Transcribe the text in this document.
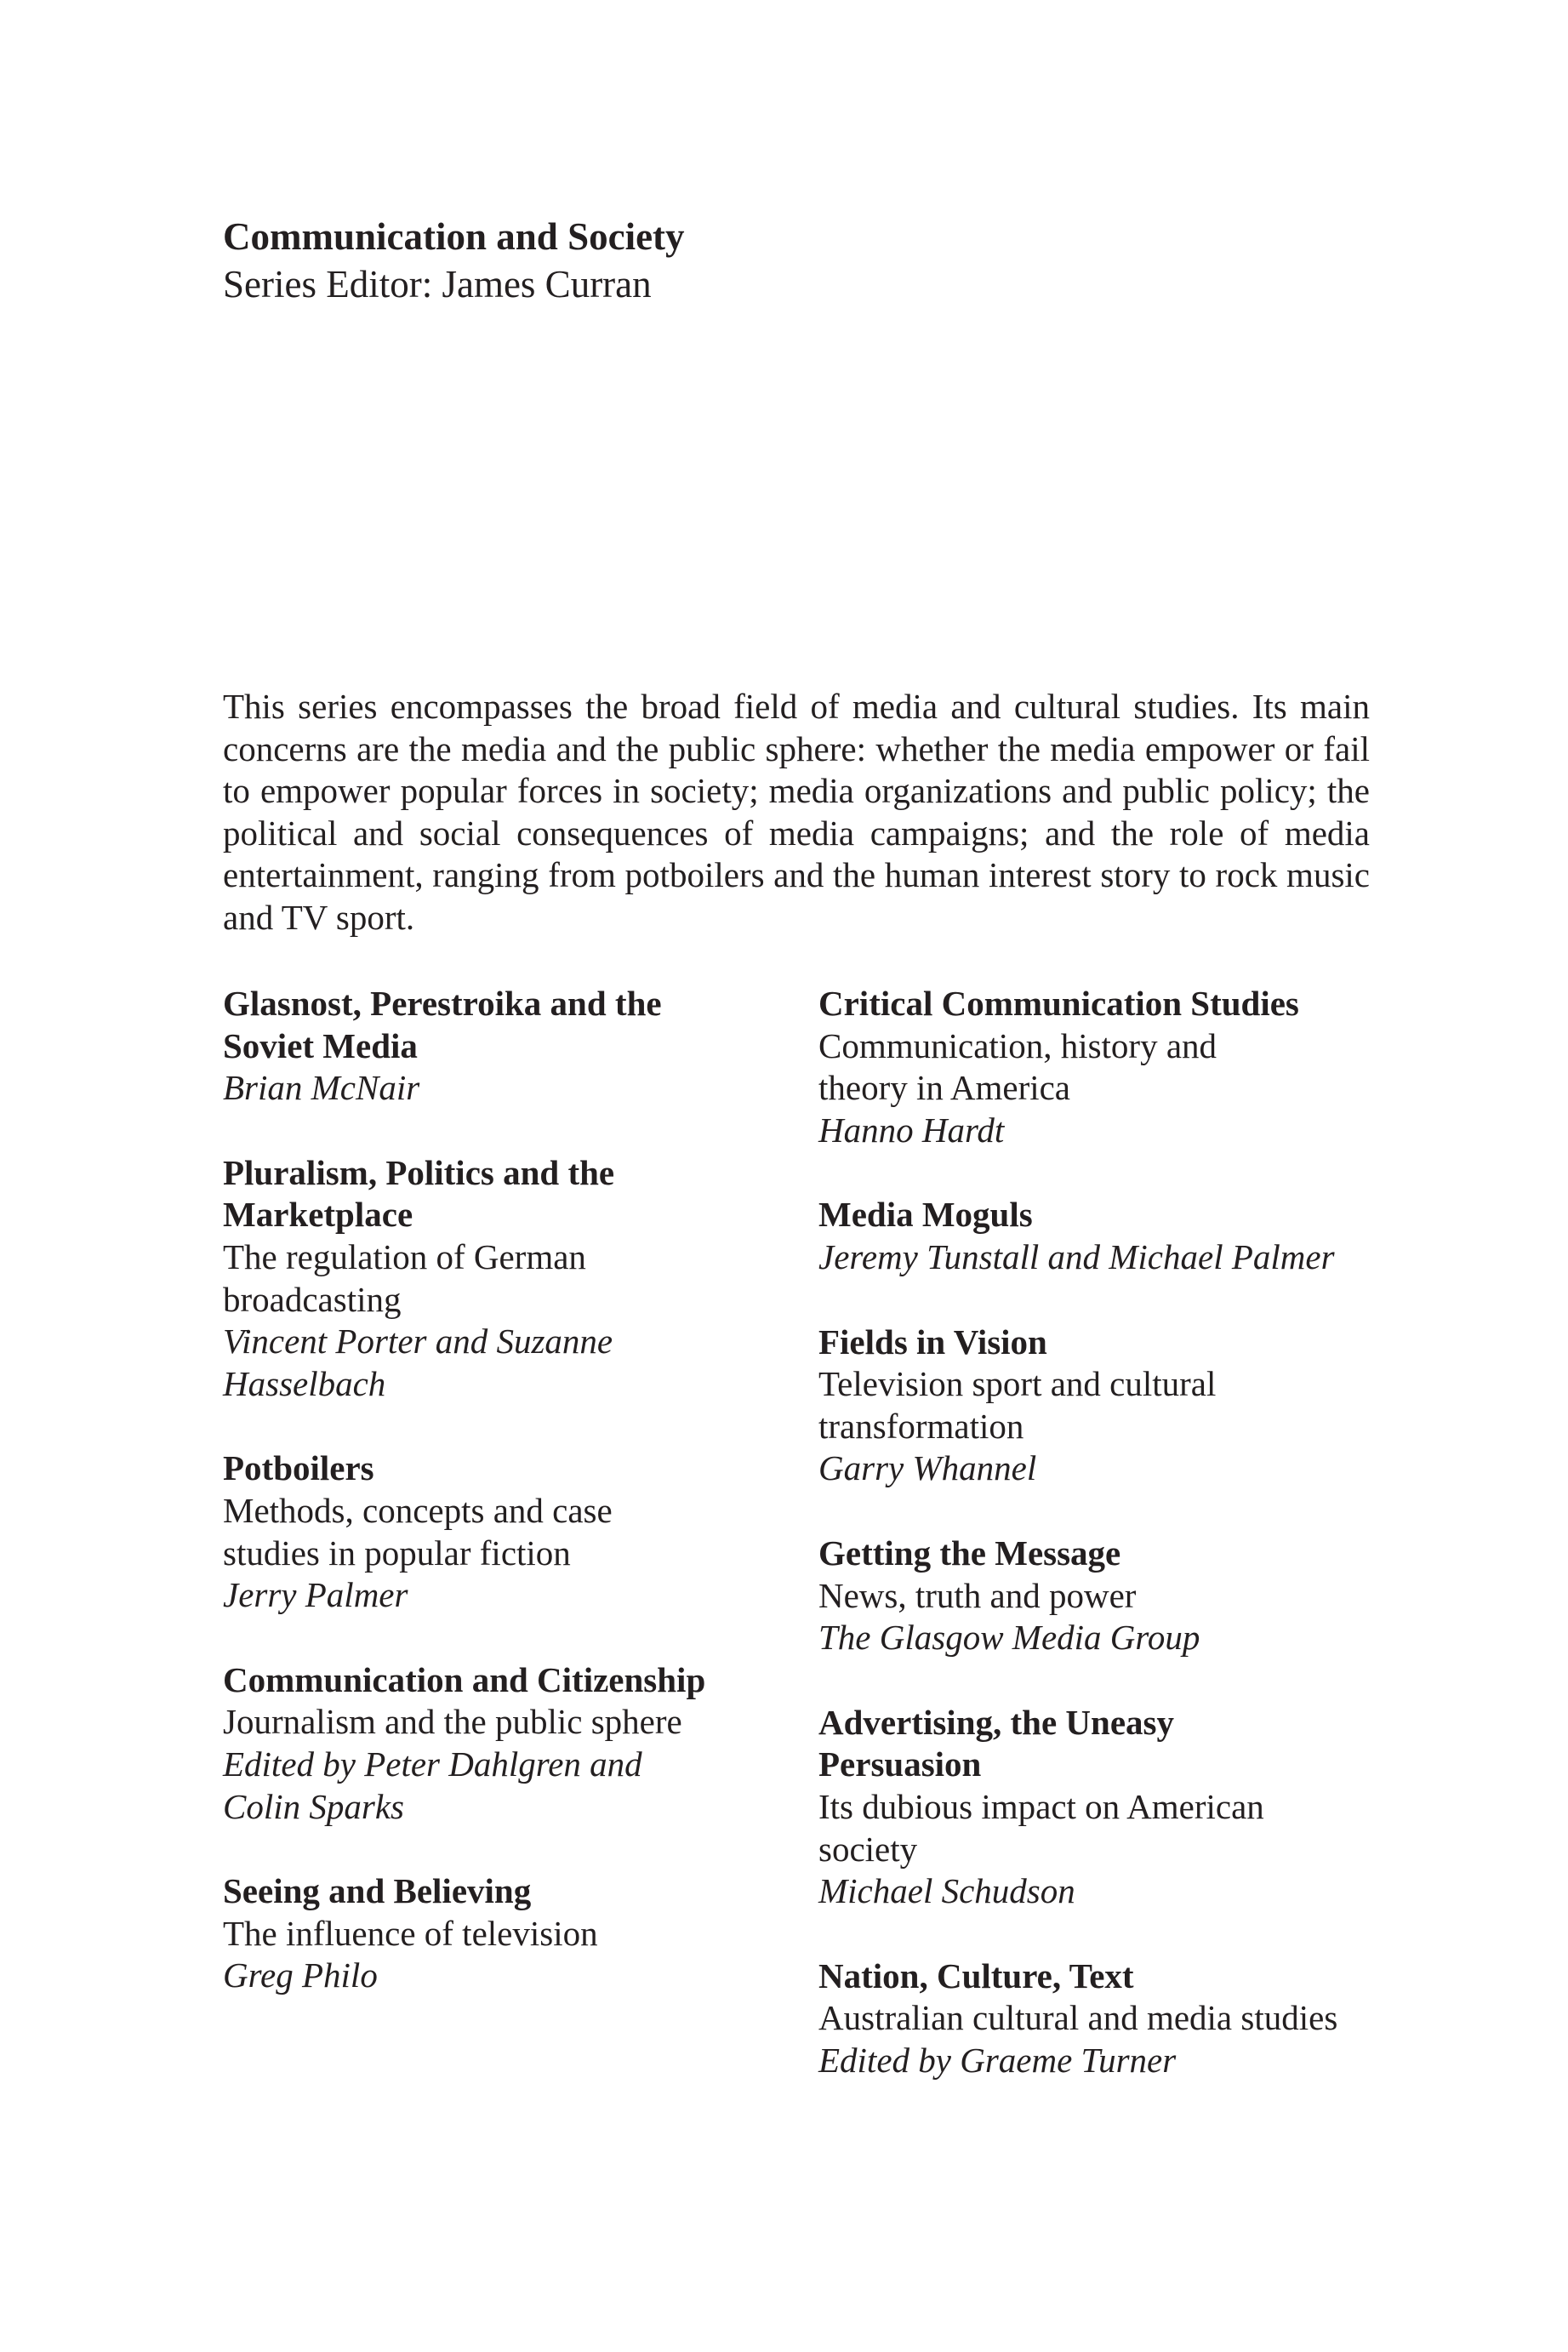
Communication and Society

Series Editor: James Curran

This series encompasses the broad field of media and cultural studies. Its main concerns are the media and the public sphere: whether the media empower or fail to empower popular forces in society; media organizations and public policy; the political and social consequences of media campaigns; and the role of media entertainment, ranging from potboilers and the human interest story to rock music and TV sport.

Glasnost, Perestroika and the Soviet Media
Brian McNair
Pluralism, Politics and the Marketplace
The regulation of German broadcasting
Vincent Porter and Suzanne Hasselbach
Potboilers
Methods, concepts and case studies in popular fiction
Jerry Palmer
Communication and Citizenship
Journalism and the public sphere
Edited by Peter Dahlgren and Colin Sparks
Seeing and Believing
The influence of television
Greg Philo
Critical Communication Studies
Communication, history and theory in America
Hanno Hardt
Media Moguls
Jeremy Tunstall and Michael Palmer
Fields in Vision
Television sport and cultural transformation
Garry Whannel
Getting the Message
News, truth and power
The Glasgow Media Group
Advertising, the Uneasy Persuasion
Its dubious impact on American society
Michael Schudson
Nation, Culture, Text
Australian cultural and media studies
Edited by Graeme Turner
